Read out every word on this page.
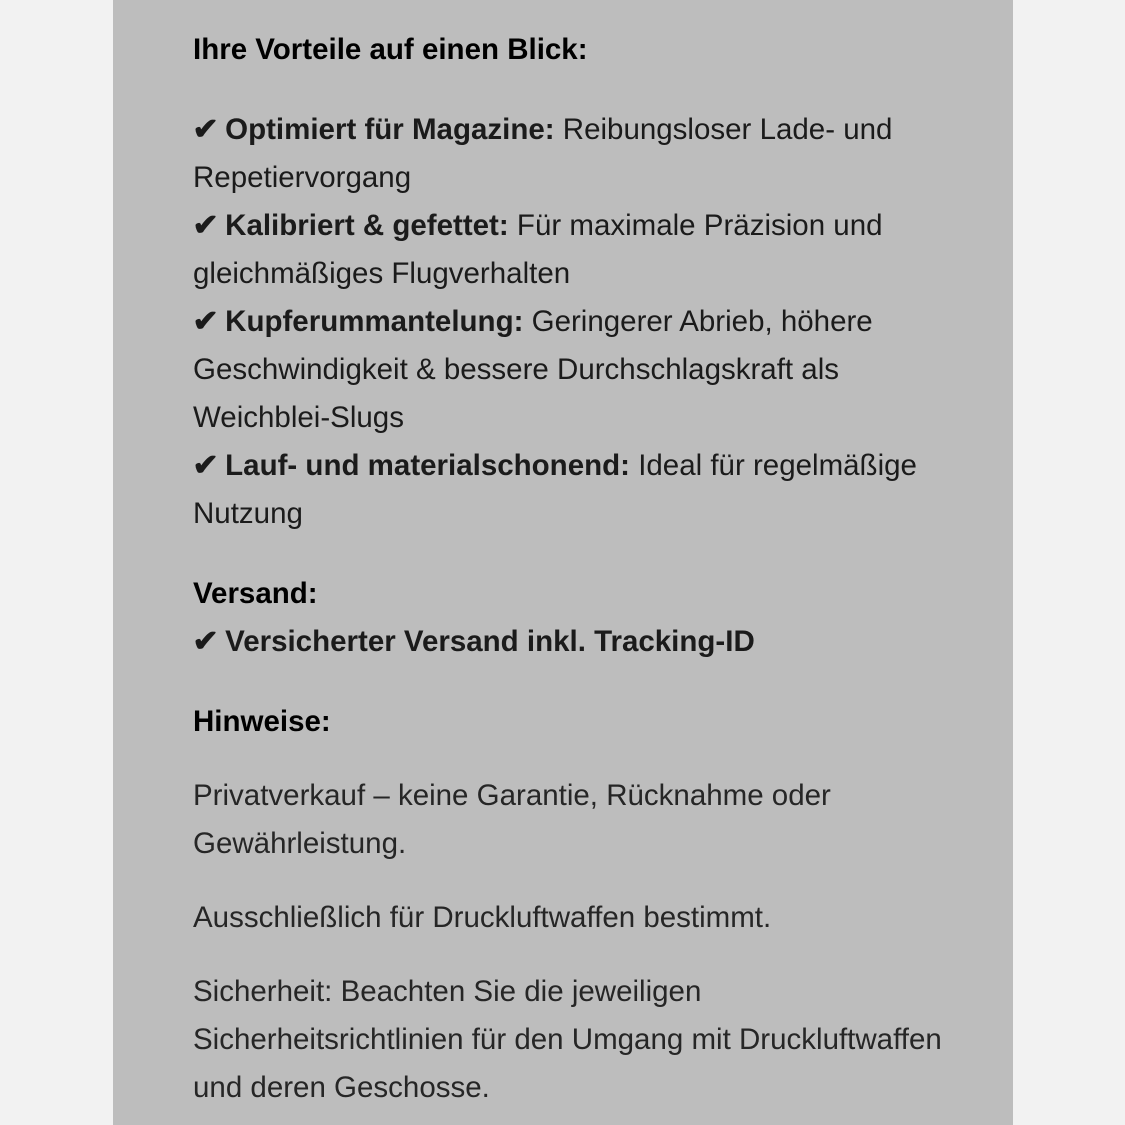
Ihre Vorteile auf einen Blick:
✔ Optimiert für Magazine: Reibungsloser Lade- und Repetiervorgang
✔ Kalibriert & gefettet: Für maximale Präzision und gleichmäßiges Flugverhalten
✔ Kupferummantelung: Geringerer Abrieb, höhere Geschwindigkeit & bessere Durchschlagskraft als Weichblei-Slugs
✔ Lauf- und materialschonend: Ideal für regelmäßige Nutzung
Versand:
✔ Versicherter Versand inkl. Tracking-ID
Hinweise:
Privatverkauf – keine Garantie, Rücknahme oder Gewährleistung.
Ausschließlich für Druckluftwaffen bestimmt.
Sicherheit: Beachten Sie die jeweiligen Sicherheitsrichtlinien für den Umgang mit Druckluftwaffen und deren Geschosse.
